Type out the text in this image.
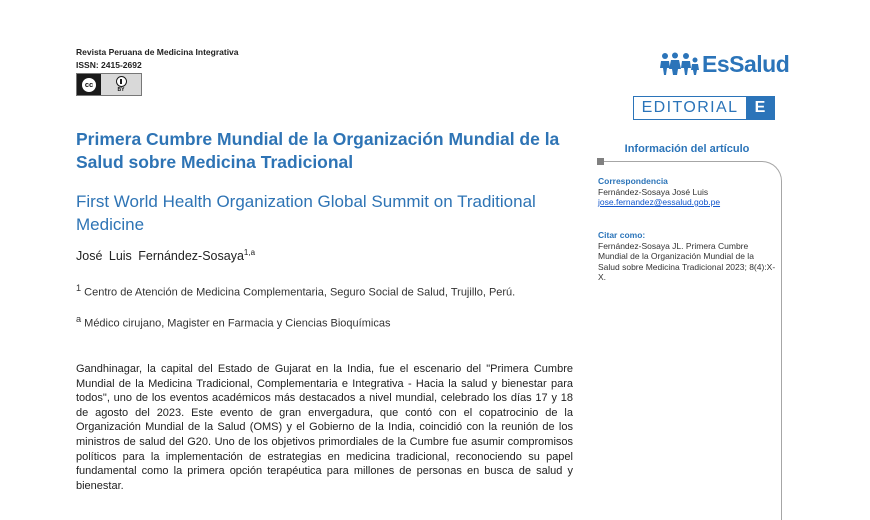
Revista Peruana de Medicina Integrativa
ISSN: 2415-2692
cc
BY
EsSalud
EDITORIAL	E
Primera Cumbre Mundial de la Organización Mundial de la Salud sobre Medicina Tradicional
First World Health Organization Global Summit on Traditional Medicine
José Luis Fernández-Sosaya$^{1,a}$
$^1$ Centro de Atención de Medicina Complementaria, Seguro Social de Salud, Trujillo, Perú.
$^a$ Médico cirujano, Magister en Farmacia y Ciencias Bioquímicas
Gandhinagar, la capital del Estado de Gujarat en la India, fue el escenario del "Primera Cumbre Mundial de la Medicina Tradicional, Complementaria e Integrativa - Hacia la salud y bienestar para todos", uno de los eventos académicos más destacados a nivel mundial, celebrado los días 17 y 18 de agosto del 2023. Este evento de gran envergadura, que contó con el copatrocinio de la Organización Mundial de la Salud (OMS) y el Gobierno de la India, coincidió con la reunión de los ministros de salud del G20. Uno de los objetivos primordiales de la Cumbre fue asumir compromisos políticos para la implementación de estrategias en medicina tradicional, reconociendo su papel fundamental como la primera opción terapéutica para millones de personas en busca de salud y bienestar.
Información del artículo
Correspondencia
Fernández-Sosaya José Luis
jose.fernandez@essalud.gob.pe
Citar como:
Fernández-Sosaya JL. Primera Cumbre Mundial de la Organización Mundial de la Salud sobre Medicina Tradicional 2023; 8(4):X-X.
